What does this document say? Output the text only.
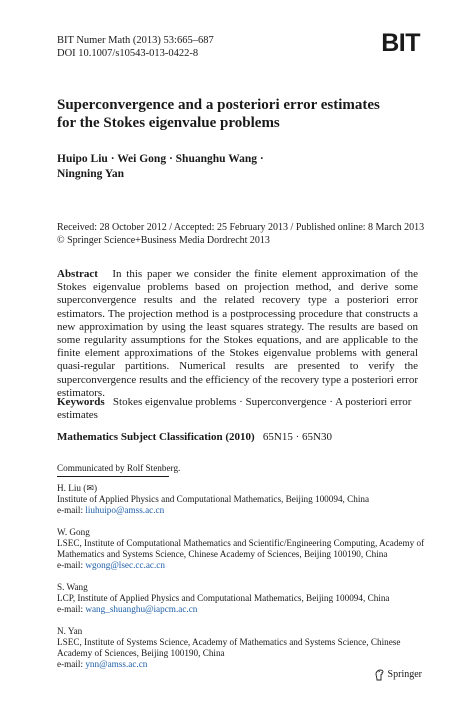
BIT Numer Math (2013) 53:665–687
DOI 10.1007/s10543-013-0422-8	BIT
Superconvergence and a posteriori error estimates
for the Stokes eigenvalue problems
Huipo Liu · Wei Gong · Shuanghu Wang ·
Ningning Yan
Received: 28 October 2012 / Accepted: 25 February 2013 / Published online: 8 March 2013
© Springer Science+Business Media Dordrecht 2013
Abstract In this paper we consider the finite element approximation of the Stokes eigenvalue problems based on projection method, and derive some superconvergence results and the related recovery type a posteriori error estimators. The projection method is a postprocessing procedure that constructs a new approximation by using the least squares strategy. The results are based on some regularity assumptions for the Stokes equations, and are applicable to the finite element approximations of the Stokes eigenvalue problems with general quasi-regular partitions. Numerical results are presented to verify the superconvergence results and the efficiency of the recovery type a posteriori error estimators.
Keywords Stokes eigenvalue problems · Superconvergence · A posteriori error estimates
Mathematics Subject Classification (2010) 65N15 · 65N30
Communicated by Rolf Stenberg.
H. Liu (✉)
Institute of Applied Physics and Computational Mathematics, Beijing 100094, China
e-mail: liuhuipo@amss.ac.cn
W. Gong
LSEC, Institute of Computational Mathematics and Scientific/Engineering Computing, Academy of
Mathematics and Systems Science, Chinese Academy of Sciences, Beijing 100190, China
e-mail: wgong@lsec.cc.ac.cn
S. Wang
LCP, Institute of Applied Physics and Computational Mathematics, Beijing 100094, China
e-mail: wang_shuanghu@iapcm.ac.cn
N. Yan
LSEC, Institute of Systems Science, Academy of Mathematics and Systems Science, Chinese
Academy of Sciences, Beijing 100190, China
e-mail: ynn@amss.ac.cn
Springer
